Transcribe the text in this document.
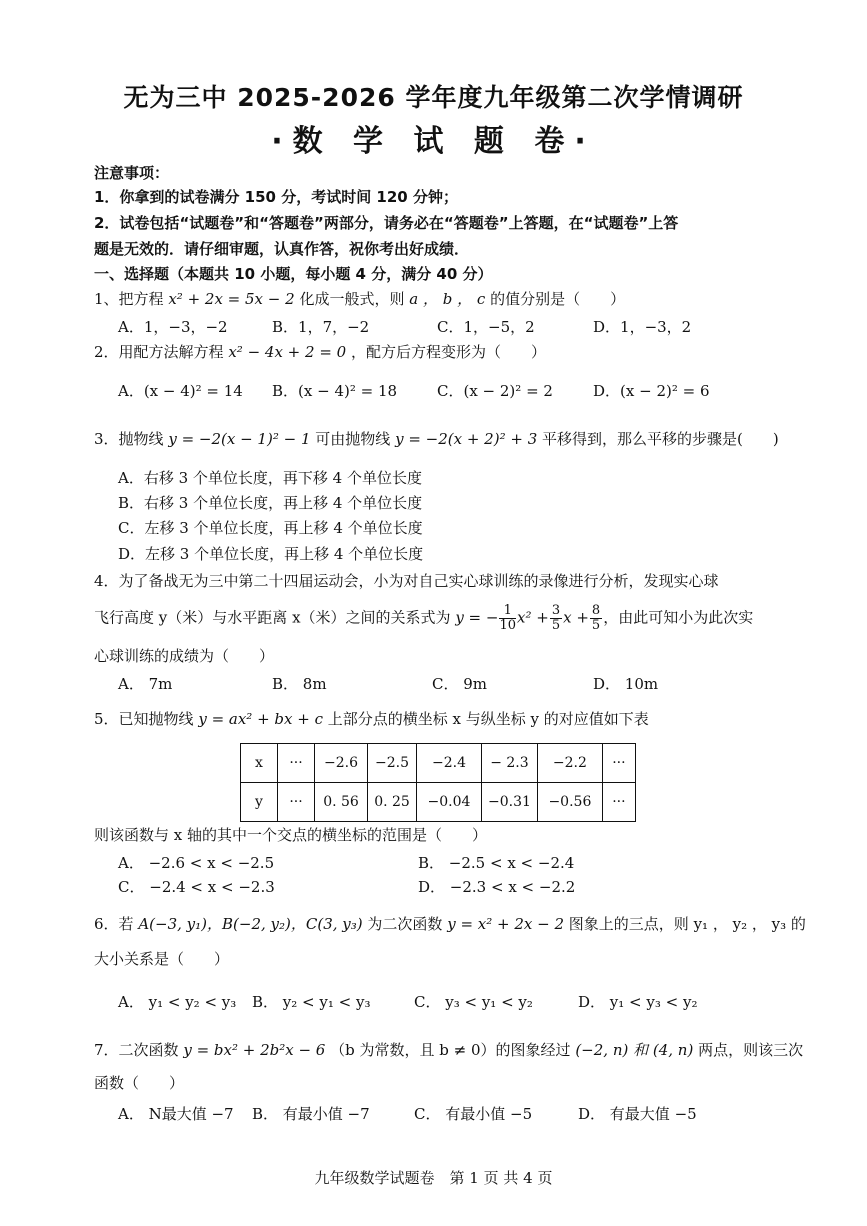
无为三中 2025-2026 学年度九年级第二次学情调研
·数 学 试 题 卷·
注意事项：
1．你拿到的试卷满分 150 分，考试时间 120 分钟；
2．试卷包括“试题卷”和“答题卷”两部分，请务必在“答题卷”上答题，在“试题卷”上答
题是无效的．请仔细审题，认真作答，祝你考出好成绩．
一、选择题（本题共 10 小题，每小题 4 分，满分 40 分）
1、把方程 x² + 2x = 5x − 2 化成一般式，则 a ， b ， c 的值分别是（　　）
A．1，−3，−2	B．1，7，−2	C．1，−5，2	D．1，−3，2
2．用配方法解方程 x² − 4x + 2 = 0 ，配方后方程变形为（　　）
A．(x − 4)² = 14 B．(x − 4)² = 18	C．(x − 2)² = 2	D．(x − 2)² = 6
3．抛物线 y = −2(x − 1)² − 1 可由抛物线 y = −2(x + 2)² + 3 平移得到，那么平移的步骤是(　　)
A．右移 3 个单位长度，再下移 4 个单位长度
B．右移 3 个单位长度，再上移 4 个单位长度
C．左移 3 个单位长度，再上移 4 个单位长度
D．左移 3 个单位长度，再上移 4 个单位长度
4．为了备战无为三中第二十四届运动会，小为对自己实心球训练的录像进行分析，发现实心球
飞行高度 y（米）与水平距离 x（米）之间的关系式为 y = − $\frac{1}{10} x^2 + \frac{3}{5}$ $x + \frac{8}{5}$ ，由此可知小为此次实
心球训练的成绩为（　　）
A． 7m	B． 8m	C． 9m	D． 10m
5．已知抛物线 y = ax² + bx + c 上部分点的横坐标 x 与纵坐标 y 的对应值如下表
x	···	−2.6	−2.5	−2.4	− 2.3	−2.2	···
y	···	0. 56	0. 25	−0.04	−0.31	−0.56	···
则该函数与 x 轴的其中一个交点的横坐标的范围是（　　）
A． −2.6 < x < −2.5	B． −2.5 < x < −2.4
C． −2.4 < x < −2.3	D． −2.3 < x < −2.2
6．若 A(−3, y₁)，B(−2, y₂)，C(3, y₃) 为二次函数 y = x² + 2x − 2 图象上的三点，则 y₁ ， y₂ ， y₃ 的
大小关系是（　　）
A． y₁ < y₂ < y₃ B． y₂ < y₁ < y₃	C． y₃ < y₁ < y₂	D． y₁ < y₃ < y₂
7．二次函数 y = bx² + 2b²x − 6 （b 为常数，且 b ≠ 0）的图象经过 (−2, n) 和 (4, n) 两点，则该三次
函数（　　）
A． N最大值 −7 B． 有最小值 −7	C． 有最小值 −5	D． 有最大值 −5
九年级数学试题卷　第 1 页 共 4 页
